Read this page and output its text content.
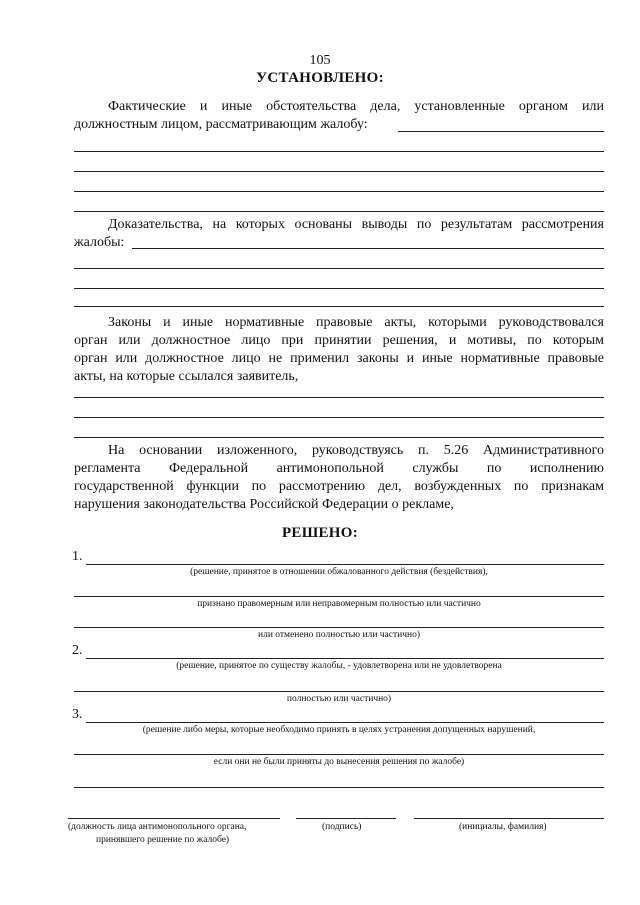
105
УСТАНОВЛЕНО:
Фактические и иные обстоятельства дела, установленные органом или
должностным лицом, рассматривающим жалобу:
Доказательства, на которых основаны выводы по результатам рассмотрения
жалобы:
Законы и иные нормативные правовые акты, которыми руководствовался
орган или должностное лицо при принятии решения, и мотивы, по которым
орган или должностное лицо не применил законы и иные нормативные правовые
акты, на которые ссылался заявитель,
На основании изложенного, руководствуясь п. 5.26 Административного
регламента Федеральной антимонопольной службы по исполнению
государственной функции по рассмотрению дел, возбужденных по признакам
нарушения законодательства Российской Федерации о рекламе,
РЕШЕНО:
1.
(решение, принятое в отношении обжалованного действия (бездействия),
признано правомерным или неправомерным полностью или частично
или отменено полностью или частично)
2.
(решение, принятое по существу жалобы, - удовлетворена или не удовлетворена
полностью или частично)
3.
(решение либо меры, которые необходимо принять в целях устранения допущенных нарушений,
если они не были приняты до вынесения решения по жалобе)
(должность лица антимонопольного органа,
принявшего решение по жалобе)
(подпись)	(инициалы, фамилия)
